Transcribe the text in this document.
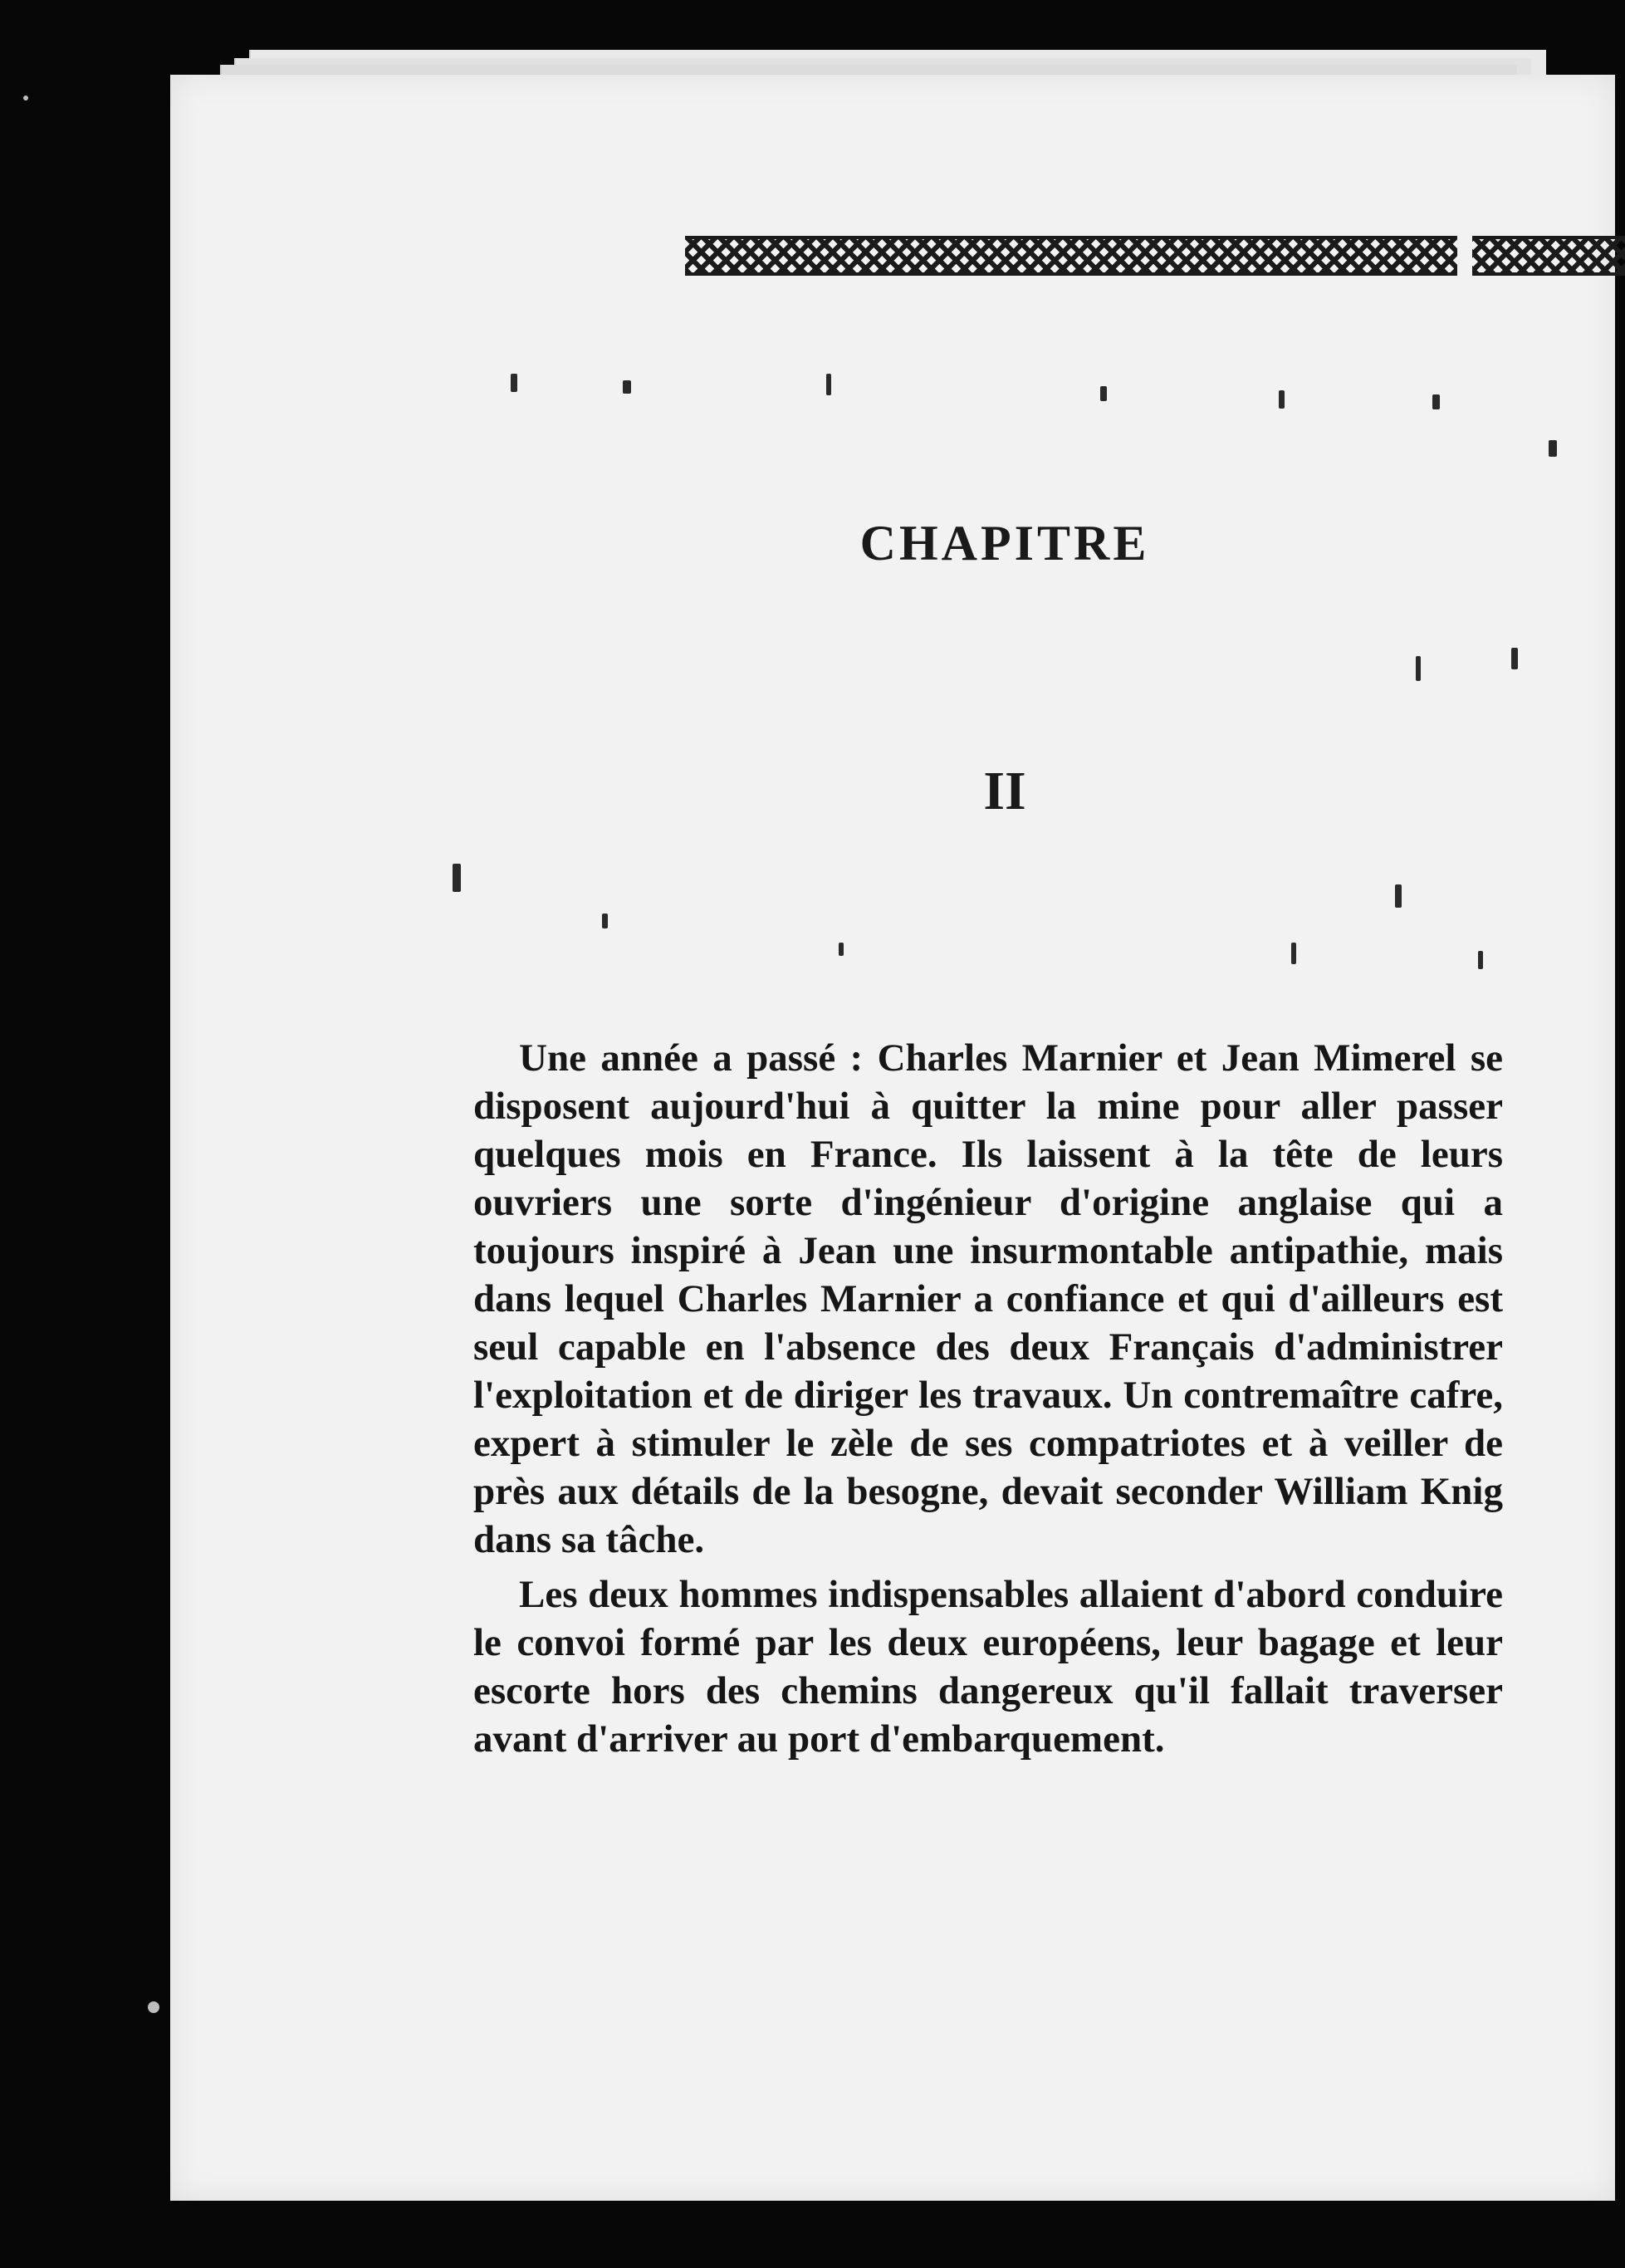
CHAPITRE
II

Une année a passé : Charles Marnier et Jean Mimerel se disposent aujourd'hui à quitter la mine pour aller passer quelques mois en France. Ils laissent à la tête de leurs ouvriers une sorte d'ingénieur d'origine anglaise qui a toujours inspiré à Jean une insurmontable antipathie, mais dans lequel Charles Marnier a confiance et qui d'ailleurs est seul capable en l'absence des deux Français d'administrer l'exploitation et de diriger les travaux. Un contremaître cafre, expert à stimuler le zèle de ses compatriotes et à veiller de près aux détails de la besogne, devait seconder William Knig dans sa tâche.

Les deux hommes indispensables allaient d'abord conduire le convoi formé par les deux européens, leur bagage et leur escorte hors des chemins dangereux qu'il fallait traverser avant d'arriver au port d'embarquement.
